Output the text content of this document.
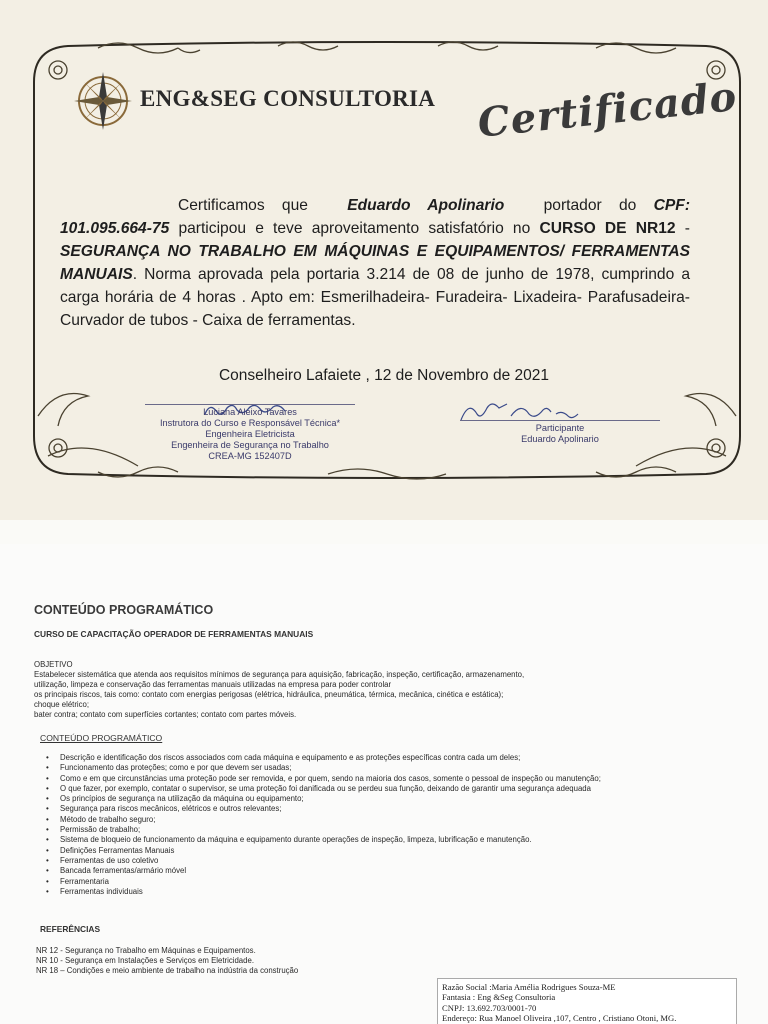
ENG&SEG CONSULTORIA Certificado
Certificamos que	Eduardo Apolinario	portador do CPF: 101.095.664-75 participou e teve aproveitamento satisfatório no CURSO DE NR12 - SEGURANÇA NO TRABALHO EM MÁQUINAS E EQUIPAMENTOS/ FERRAMENTAS MANUAIS. Norma aprovada pela portaria 3.214 de 08 de junho de 1978, cumprindo a carga horária de 4 horas . Apto em: Esmerilhadeira- Furadeira- Lixadeira- Parafusadeira- Curvador de tubos - Caixa de ferramentas.
Conselheiro Lafaiete , 12 de Novembro de 2021
Luciana Aleixo Tavares
Instrutora do Curso e Responsável Técnica*
Engenheira Eletricista
Engenheira de Segurança no Trabalho
CREA-MG 152407D
Participante
Eduardo Apolinario
CONTEÚDO PROGRAMÁTICO
CURSO DE CAPACITAÇÃO OPERADOR DE FERRAMENTAS MANUAIS
OBJETIVO
Estabelecer sistemática que atenda aos requisitos mínimos de segurança para aquisição, fabricação, inspeção, certificação, armazenamento,
utilização, limpeza e conservação das ferramentas manuais utilizadas na empresa para poder controlar
os principais riscos, tais como: contato com energias perigosas (elétrica, hidráulica, pneumática, térmica, mecânica, cinética e estática);
choque elétrico;
bater contra; contato com superfícies cortantes; contato com partes móveis.
CONTEÚDO PROGRAMÁTICO
• Descrição e identificação dos riscos associados com cada máquina e equipamento e as proteções específicas contra cada um deles;
• Funcionamento das proteções; como e por que devem ser usadas;
• Como e em que circunstâncias uma proteção pode ser removida, e por quem, sendo na maioria dos casos, somente o pessoal de inspeção ou manutenção;
• O que fazer, por exemplo, contatar o supervisor, se uma proteção foi danificada ou se perdeu sua função, deixando de garantir uma segurança adequada
• Os princípios de segurança na utilização da máquina ou equipamento;
• Segurança para riscos mecânicos, elétricos e outros relevantes;
• Método de trabalho seguro;
• Permissão de trabalho;
• Sistema de bloqueio de funcionamento da máquina e equipamento durante operações de inspeção, limpeza, lubrificação e manutenção.
• Definições Ferramentas Manuais
• Ferramentas de uso coletivo
• Bancada ferramentas/armário móvel
• Ferramentaria
• Ferramentas individuais
REFERÊNCIAS
NR 12 - Segurança no Trabalho em Máquinas e Equipamentos.
NR 10 - Segurança em Instalações e Serviços em Eletricidade.
NR 18 – Condições e meio ambiente de trabalho na indústria da construção
Razão Social :Maria Amélia Rodrigues Souza-ME
Fantasia : Eng &Seg Consultoria
CNPJ: 13.692.703/0001-70
Endereço: Rua Manoel Oliveira ,107, Centro , Cristiano Otoni, MG.
